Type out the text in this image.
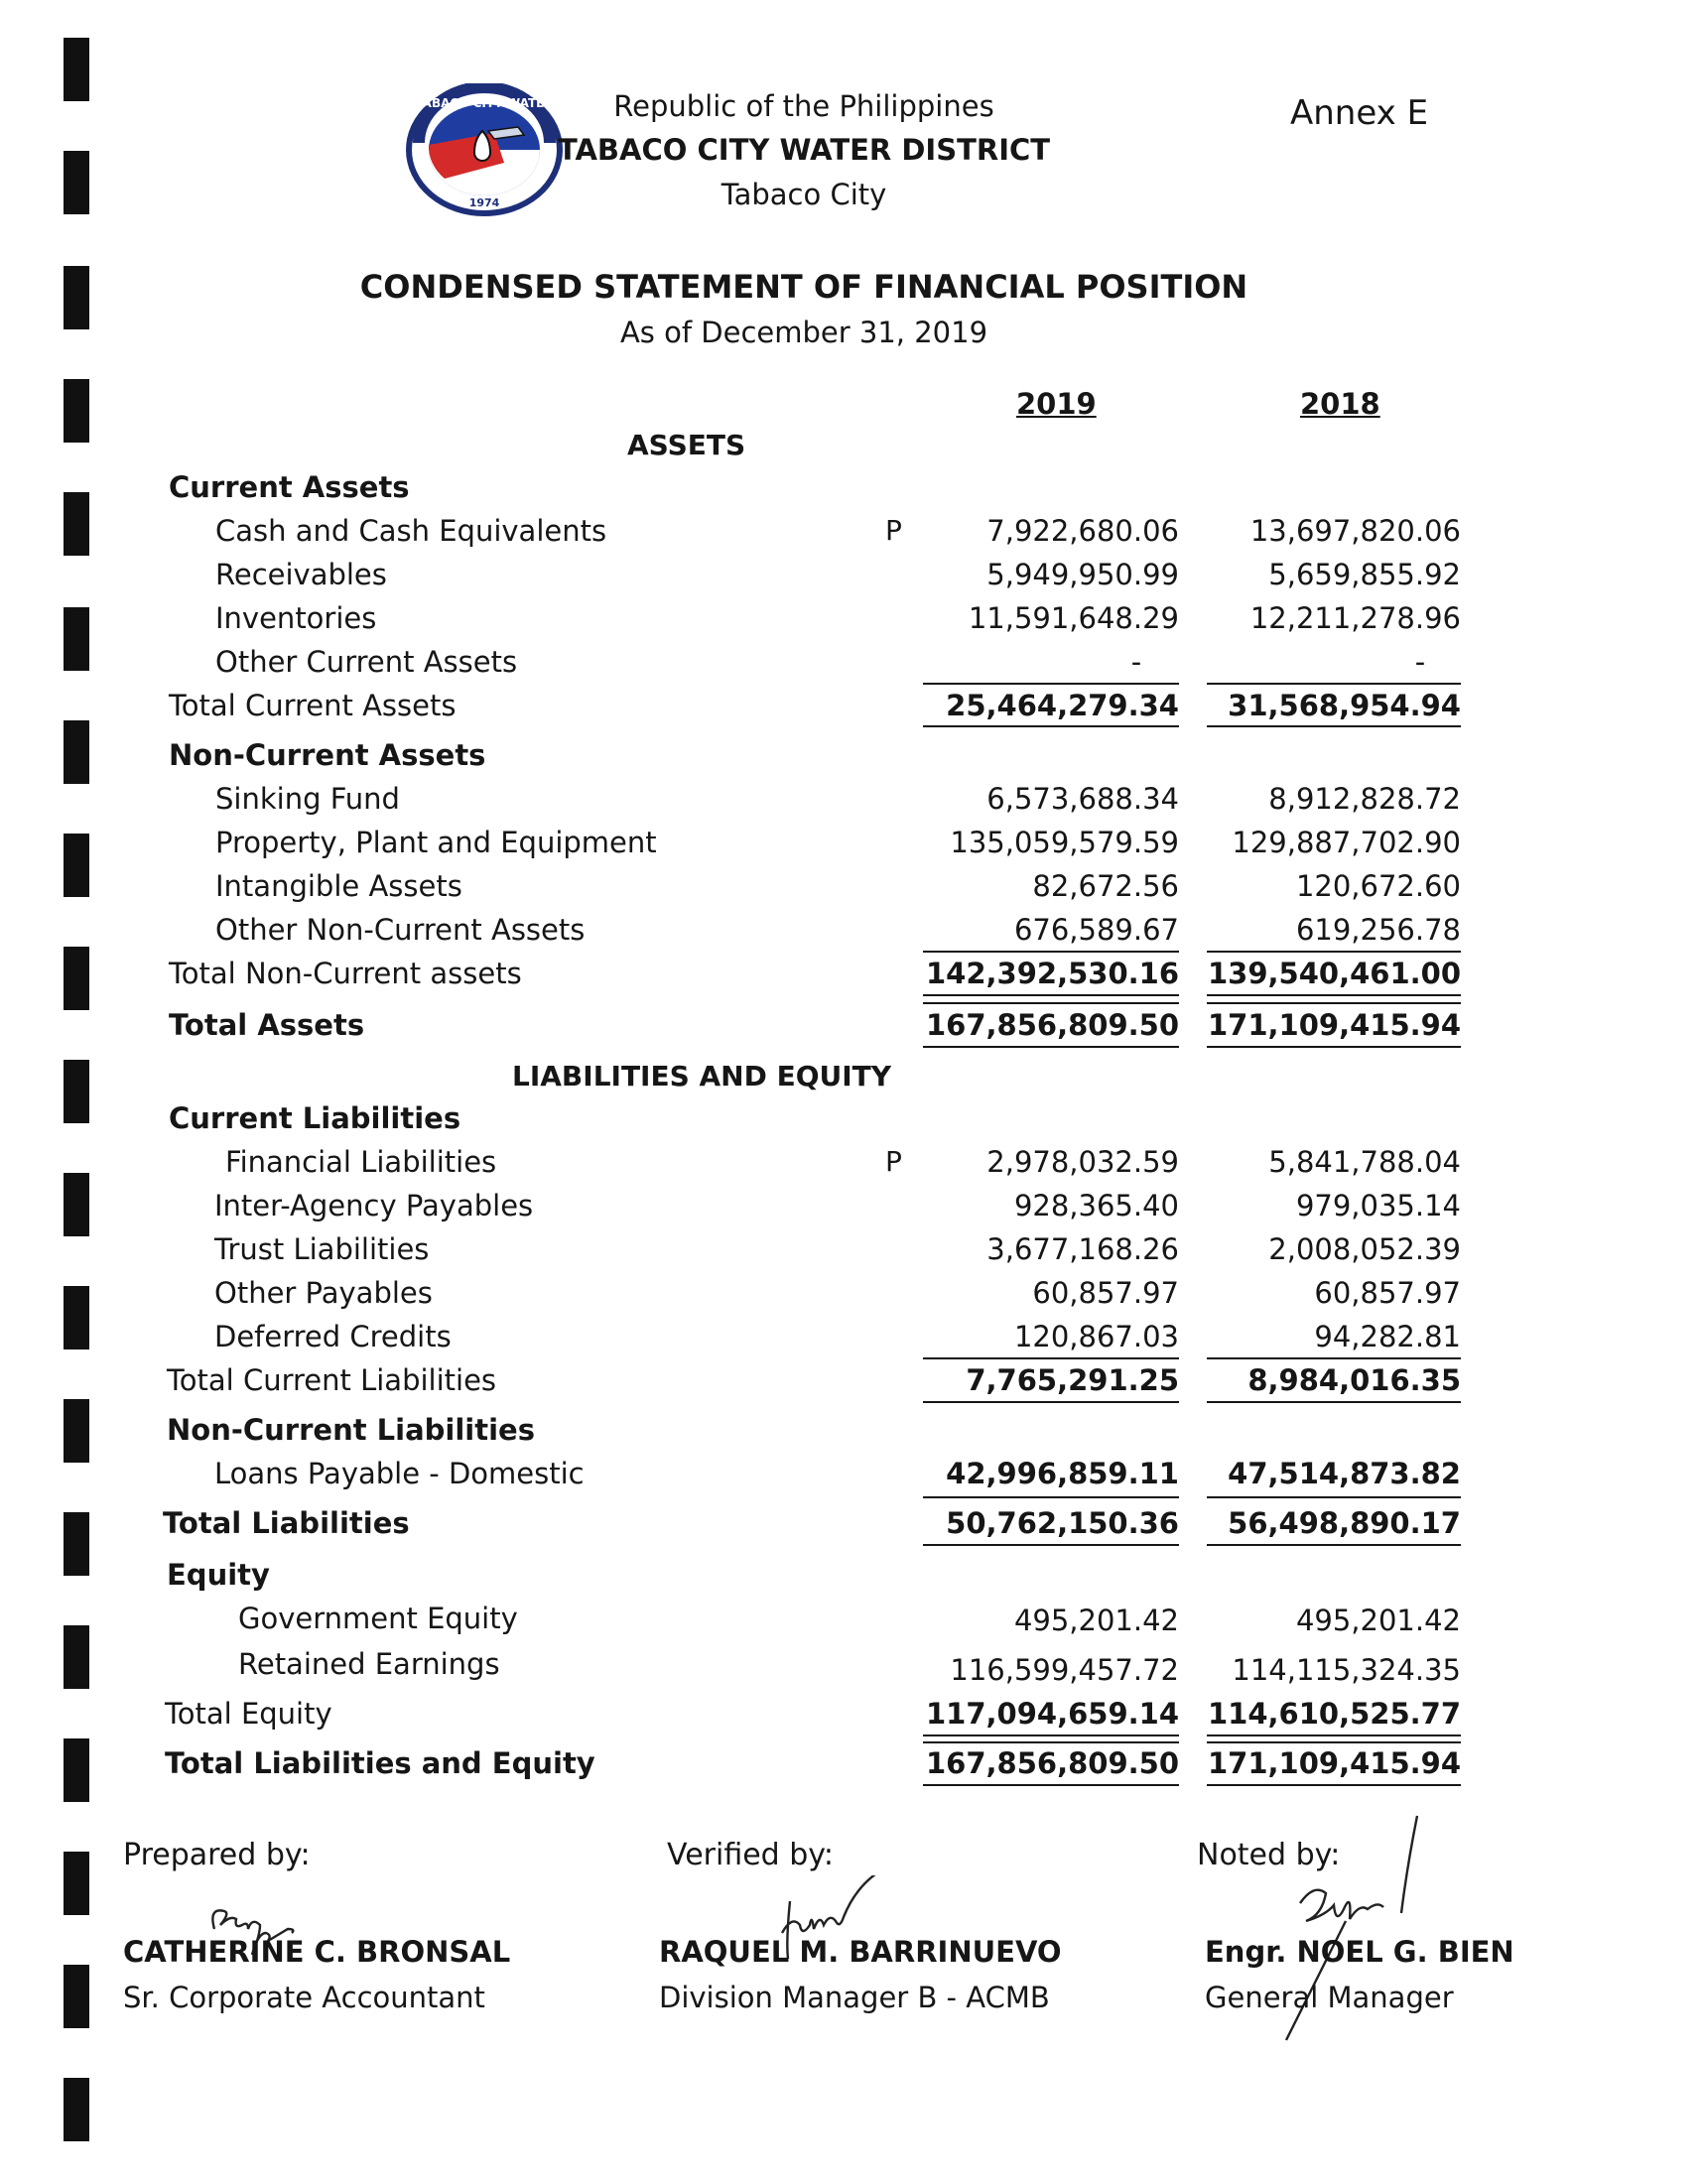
TABACO CITY WATER
1974
Republic of the Philippines
TABACO CITY WATER DISTRICT
Tabaco City
Annex E
CONDENSED STATEMENT OF FINANCIAL POSITION
As of December 31, 2019
2019	2018
ASSETS
Current Assets
Cash and Cash Equivalents	P	7,922,680.06	13,697,820.06
Receivables	5,949,950.99	5,659,855.92
Inventories	11,591,648.29	12,211,278.96
Other Current Assets	-	-
Total Current Assets	25,464,279.34	31,568,954.94
Non-Current Assets
Sinking Fund	6,573,688.34	8,912,828.72
Property, Plant and Equipment	135,059,579.59	129,887,702.90
Intangible Assets	82,672.56	120,672.60
Other Non-Current Assets	676,589.67	619,256.78
Total Non-Current assets	142,392,530.16 139,540,461.00
Total Assets	167,856,809.50 171,109,415.94
LIABILITIES AND EQUITY
Current Liabilities
Financial Liabilities	P	2,978,032.59	5,841,788.04
Inter-Agency Payables	928,365.40	979,035.14
Trust Liabilities	3,677,168.26	2,008,052.39
Other Payables	60,857.97	60,857.97
Deferred Credits	120,867.03	94,282.81
Total Current Liabilities	7,765,291.25	8,984,016.35
Non-Current Liabilities
Loans Payable - Domestic	42,996,859.11	47,514,873.82
Total Liabilities	50,762,150.36	56,498,890.17
Equity
Government Equity	495,201.42	495,201.42
Retained Earnings	116,599,457.72	114,115,324.35
Total Equity	117,094,659.14 114,610,525.77
Total Liabilities and Equity	167,856,809.50 171,109,415.94
Prepared by:
CATHERINE C. BRONSAL
Sr. Corporate Accountant
Verified by:
RAQUEL M. BARRINUEVO
Division Manager B - ACMB
Noted by:
Engr. NOEL G. BIEN
General Manager
